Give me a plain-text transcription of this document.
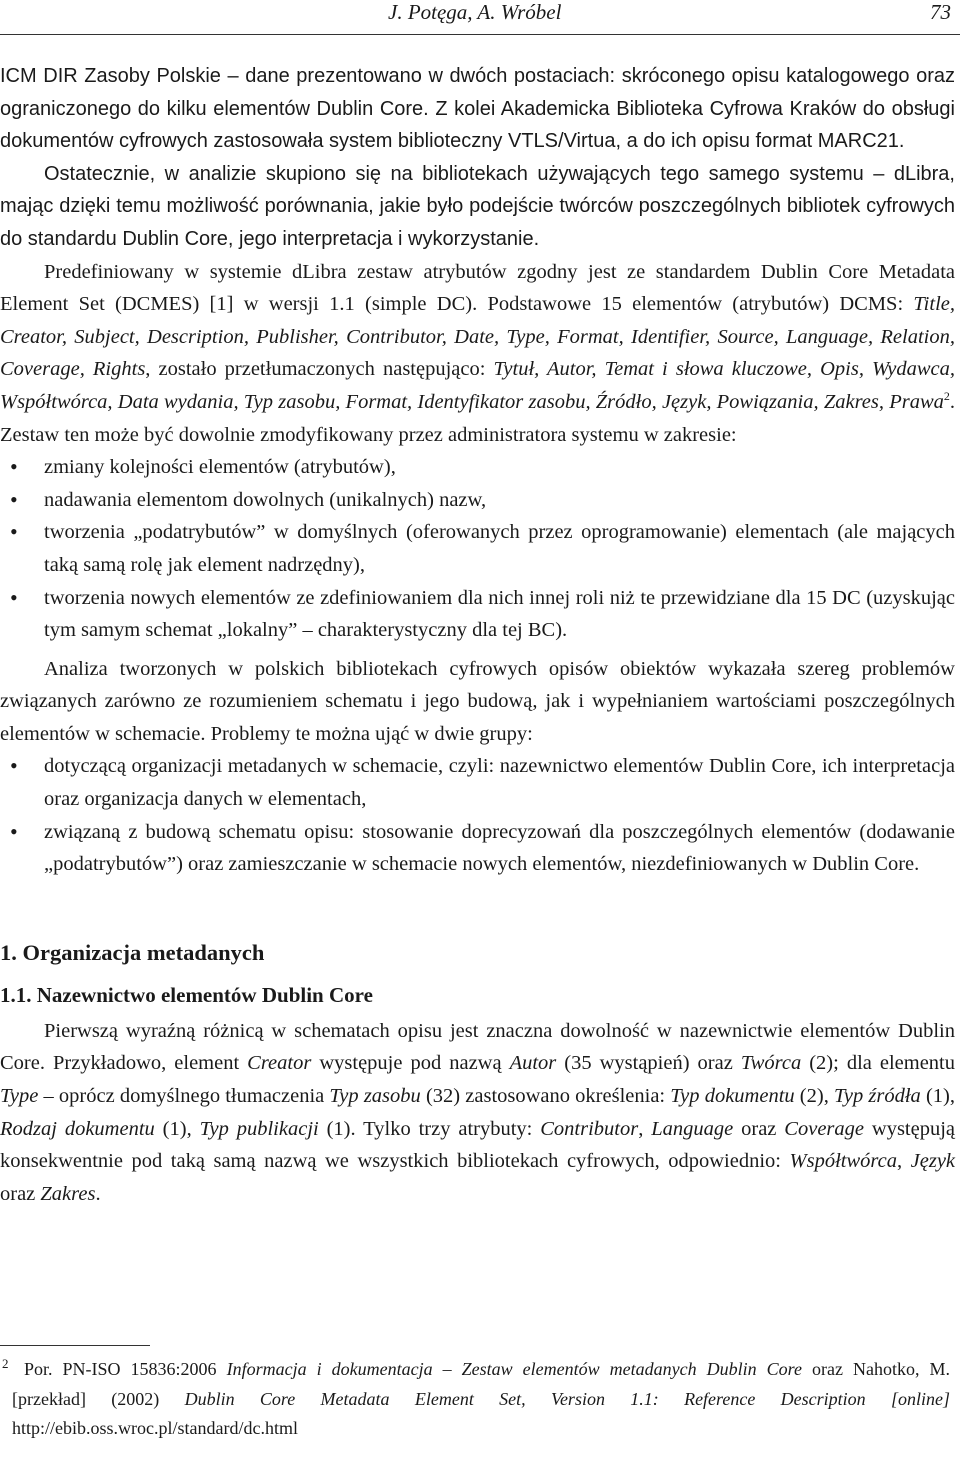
J. Potęga, A. Wróbel	73

ICM DIR Zasoby Polskie – dane prezentowano w dwóch postaciach: skróconego opisu katalogowego oraz ograniczonego do kilku elementów Dublin Core. Z kolei Akademicka Biblioteka Cyfrowa Kraków do obsługi dokumentów cyfrowych zastosowała system biblioteczny VTLS/Virtua, a do ich opisu format MARC21.

Ostatecznie, w analizie skupiono się na bibliotekach używających tego samego systemu – dLibra, mając dzięki temu możliwość porównania, jakie było podejście twórców poszczególnych bibliotek cyfrowych do standardu Dublin Core, jego interpretacja i wykorzystanie.

Predefiniowany w systemie dLibra zestaw atrybutów zgodny jest ze standardem Dublin Core Metadata Element Set (DCMES) [1] w wersji 1.1 (simple DC). Podstawowe 15 elementów (atrybutów) DCMS: Title, Creator, Subject, Description, Publisher, Contributor, Date, Type, Format, Identifier, Source, Language, Relation, Coverage, Rights, zostało przetłumaczonych następująco: Tytuł, Autor, Temat i słowa kluczowe, Opis, Wydawca, Współtwórca, Data wydania, Typ zasobu, Format, Identyfikator zasobu, Źródło, Język, Powiązania, Zakres, Prawa$^2$. Zestaw ten może być dowolnie zmodyfikowany przez administratora systemu w zakresie:

• zmiany kolejności elementów (atrybutów),
• nadawania elementom dowolnych (unikalnych) nazw,
• tworzenia „podatrybutów” w domyślnych (oferowanych przez oprogramowanie) elementach (ale mających taką samą rolę jak element nadrzędny),
• tworzenia nowych elementów ze zdefiniowaniem dla nich innej roli niż te przewidziane dla 15 DC (uzyskując tym samym schemat „lokalny” – charakterystyczny dla tej BC).

Analiza tworzonych w polskich bibliotekach cyfrowych opisów obiektów wykazała szereg problemów związanych zarówno ze rozumieniem schematu i jego budową, jak i wypełnianiem wartościami poszczególnych elementów w schemacie. Problemy te można ująć w dwie grupy:

• dotyczącą organizacji metadanych w schemacie, czyli: nazewnictwo elementów Dublin Core, ich interpretacja oraz organizacja danych w elementach,
• związaną z budową schematu opisu: stosowanie doprecyzowań dla poszczególnych elementów (dodawanie „podatrybutów”) oraz zamieszczanie w schemacie nowych elementów, niezdefiniowanych w Dublin Core.
1. Organizacja metadanych
1.1. Nazewnictwo elementów Dublin Core

Pierwszą wyraźną różnicą w schematach opisu jest znaczna dowolność w nazewnictwie elementów Dublin Core. Przykładowo, element Creator występuje pod nazwą Autor (35 wystąpień) oraz Twórca (2); dla elementu Type – oprócz domyślnego tłumaczenia Typ zasobu (32) zastosowano określenia: Typ dokumentu (2), Typ źródła (1), Rodzaj dokumentu (1), Typ publikacji (1). Tylko trzy atrybuty: Contributor, Language oraz Coverage występują konsekwentnie pod taką samą nazwą we wszystkich bibliotekach cyfrowych, odpowiednio: Współtwórca, Język oraz Zakres.

2 Por. PN-ISO 15836:2006 Informacja i dokumentacja – Zestaw elementów metadanych Dublin Core oraz Nahotko, M. [przekład] (2002) Dublin Core Metadata Element Set, Version 1.1: Reference Description [online] http://ebib.oss.wroc.pl/standard/dc.html
